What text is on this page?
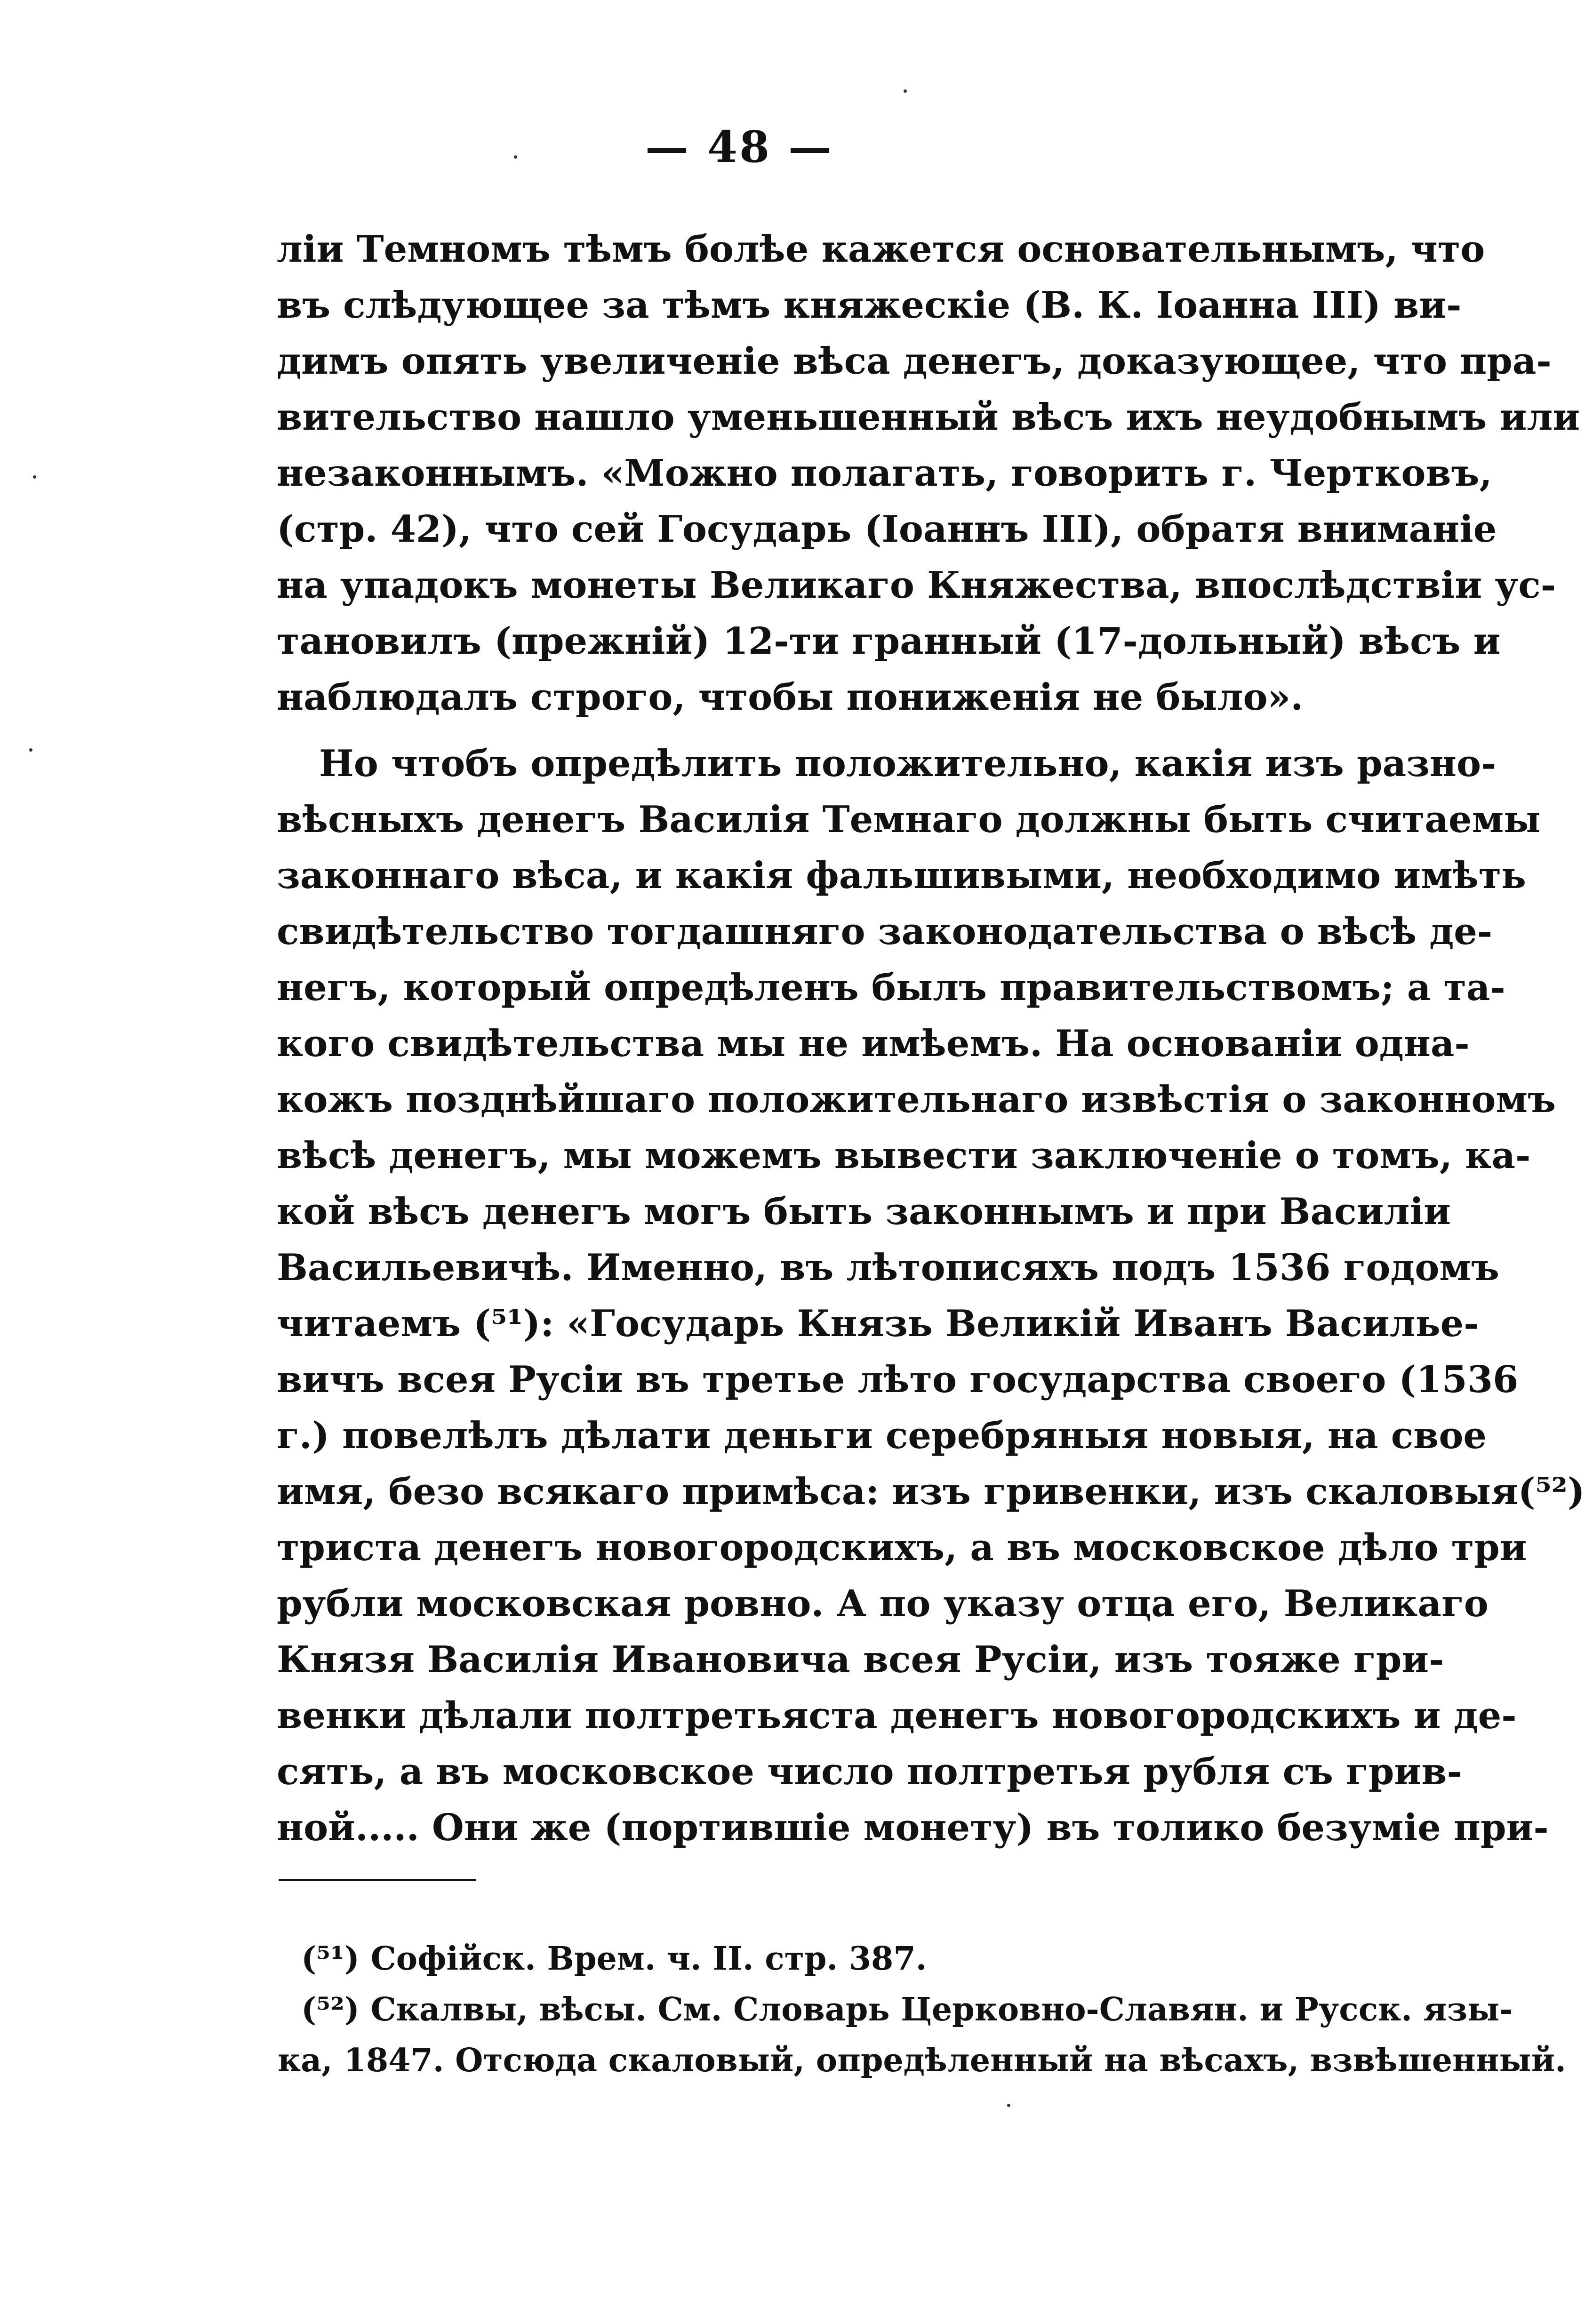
— 48 —
ліи Темномъ тѣмъ болѣе кажется основательнымъ, что
въ слѣдующее за тѣмъ княжескіе (В. К. Іоанна III) ви-
димъ опять увеличеніе вѣса денегъ, доказующее, что пра-
вительство нашло уменьшенный вѣсъ ихъ неудобнымъ или
незаконнымъ. «Можно полагать, говорить г. Чертковъ,
(стр. 42), что сей Государь (Іоаннъ III), обратя вниманіе
на упадокъ монеты Великаго Княжества, впослѣдствіи ус-
тановилъ (прежній) 12-ти гранный (17-дольный) вѣсъ и
наблюдалъ строго, чтобы пониженія не было».
Но чтобъ опредѣлить положительно, какія изъ разно-
вѣсныхъ денегъ Василія Темнаго должны быть считаемы
законнаго вѣса, и какія фальшивыми, необходимо имѣть
свидѣтельство тогдашняго законодательства о вѣсѣ де-
негъ, который опредѣленъ былъ правительствомъ; а та-
кого свидѣтельства мы не имѣемъ. На основаніи одна-
кожъ позднѣйшаго положительнаго извѣстія о законномъ
вѣсѣ денегъ, мы можемъ вывести заключеніе о томъ, ка-
кой вѣсъ денегъ могъ быть законнымъ и при Василіи
Васильевичѣ. Именно, въ лѣтописяхъ подъ 1536 годомъ
читаемъ (⁵¹): «Государь Князь Великій Иванъ Василье-
вичъ всея Русіи въ третье лѣто государства своего (1536
г.) повелѣлъ дѣлати деньги серебряныя новыя, на свое
имя, безо всякаго примѣса: изъ гривенки, изъ скаловыя(⁵²)
триста денегъ новогородскихъ, а въ московское дѣло три
рубли московская ровно. А по указу отца его, Великаго
Князя Василія Ивановича всея Русіи, изъ тояже гри-
венки дѣлали полтретьяста денегъ новогородскихъ и де-
сять, а въ московское число полтретья рубля съ грив-
ной..... Они же (портившіе монету) въ толико безуміе при-
(⁵¹) Софійск. Врем. ч. II. стр. 387.
(⁵²) Скалвы, вѣсы. См. Словарь Церковно-Славян. и Русск. язы-
ка, 1847. Отсюда скаловый, опредѣленный на вѣсахъ, взвѣшенный.
